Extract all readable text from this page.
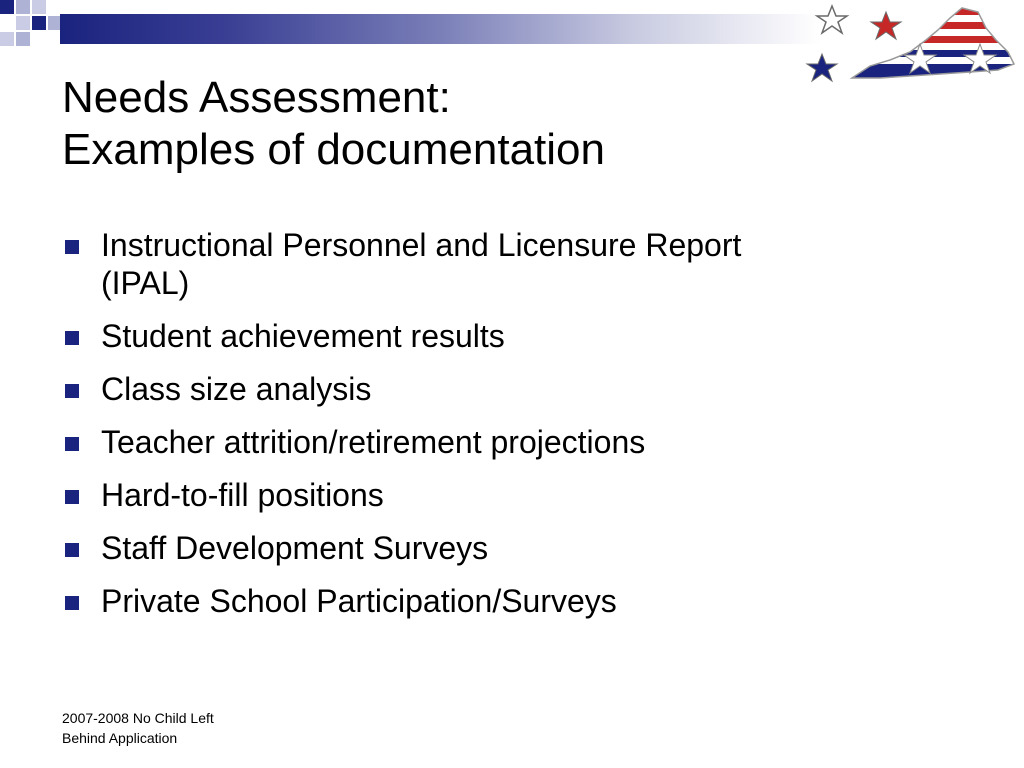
Needs Assessment:
Examples of documentation
Instructional Personnel and Licensure Report
(IPAL)
Student achievement results
Class size analysis
Teacher attrition/retirement projections
Hard-to-fill positions
Staff Development Surveys
Private School Participation/Surveys
2007-2008 No Child Left
Behind Application
